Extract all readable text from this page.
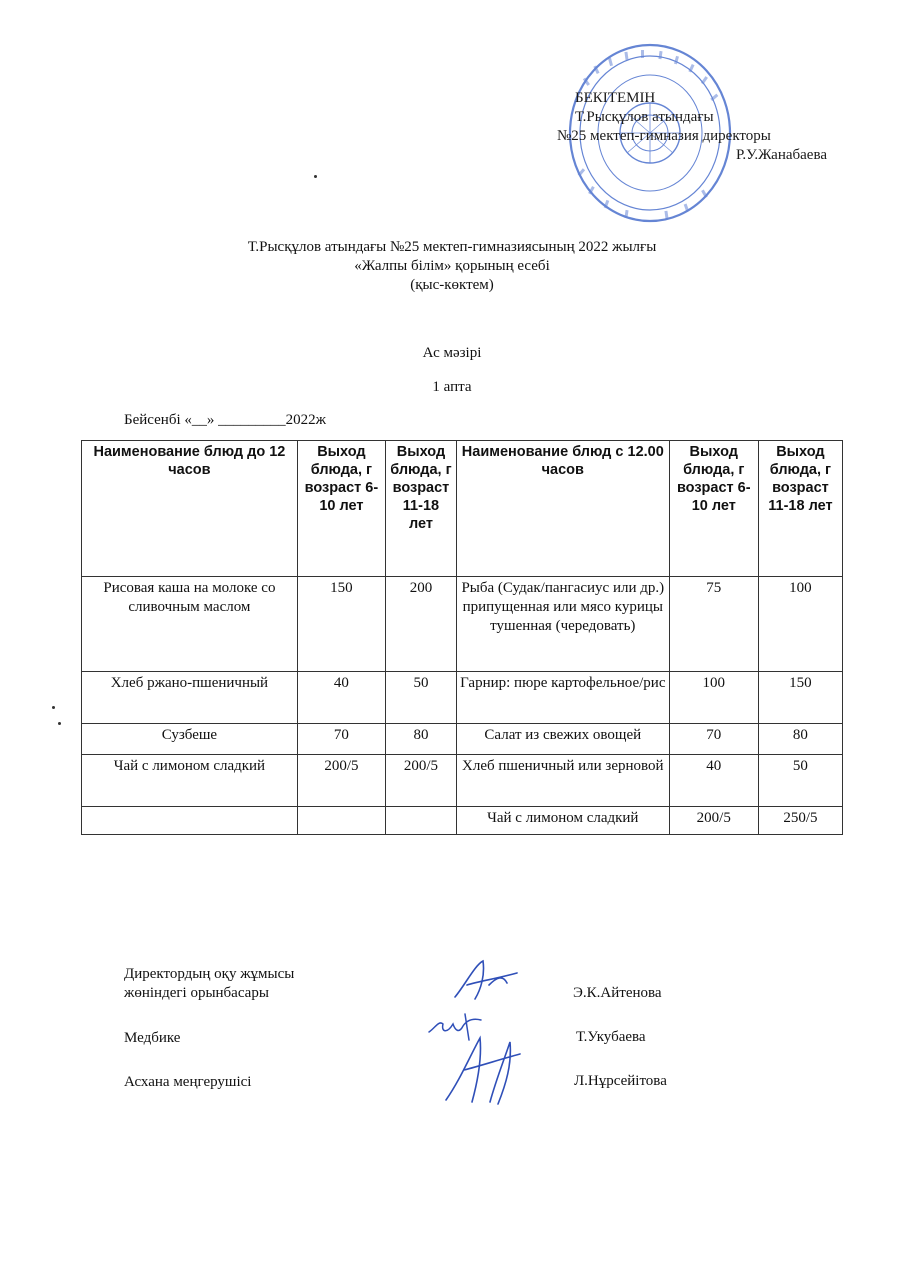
БЕКІТЕМІН
Т.Рысқұлов атындағы
№25 мектеп-гимназия директоры
Р.У.Жанабаева
Т.Рысқұлов атындағы №25 мектеп-гимназиясының 2022 жылғы
«Жалпы білім» қорының есебі
(қыс-көктем)
Ас мәзірі
1 апта
Бейсенбі «__» _________2022ж
Наименование блюд до 12 часов	Выход блюда, г возраст 6-10 лет	Выход блюда, г возраст 11-18 лет	Наименование блюд с 12.00 часов	Выход блюда, г возраст 6-10 лет	Выход блюда, г возраст 11-18 лет
Рисовая каша на молоке со сливочным маслом	150	200	Рыба (Судак/пангасиус или др.) припущенная или мясо курицы тушенная (чередовать)	75	100
Хлеб ржано-пшеничный	40	50	Гарнир: пюре картофельное/рис	100	150
Сузбеше	70	80	Салат из свежих овощей	70	80
Чай с лимоном сладкий	200/5	200/5	Хлеб пшеничный или зерновой	40	50
			Чай с лимоном сладкий	200/5	250/5
Директордың оқу жұмысы
жөніндегі орынбасары	Э.К.Айтенова
Медбике	Т.Укубаева
Асхана меңгерушісі	Л.Нұрсейітова
